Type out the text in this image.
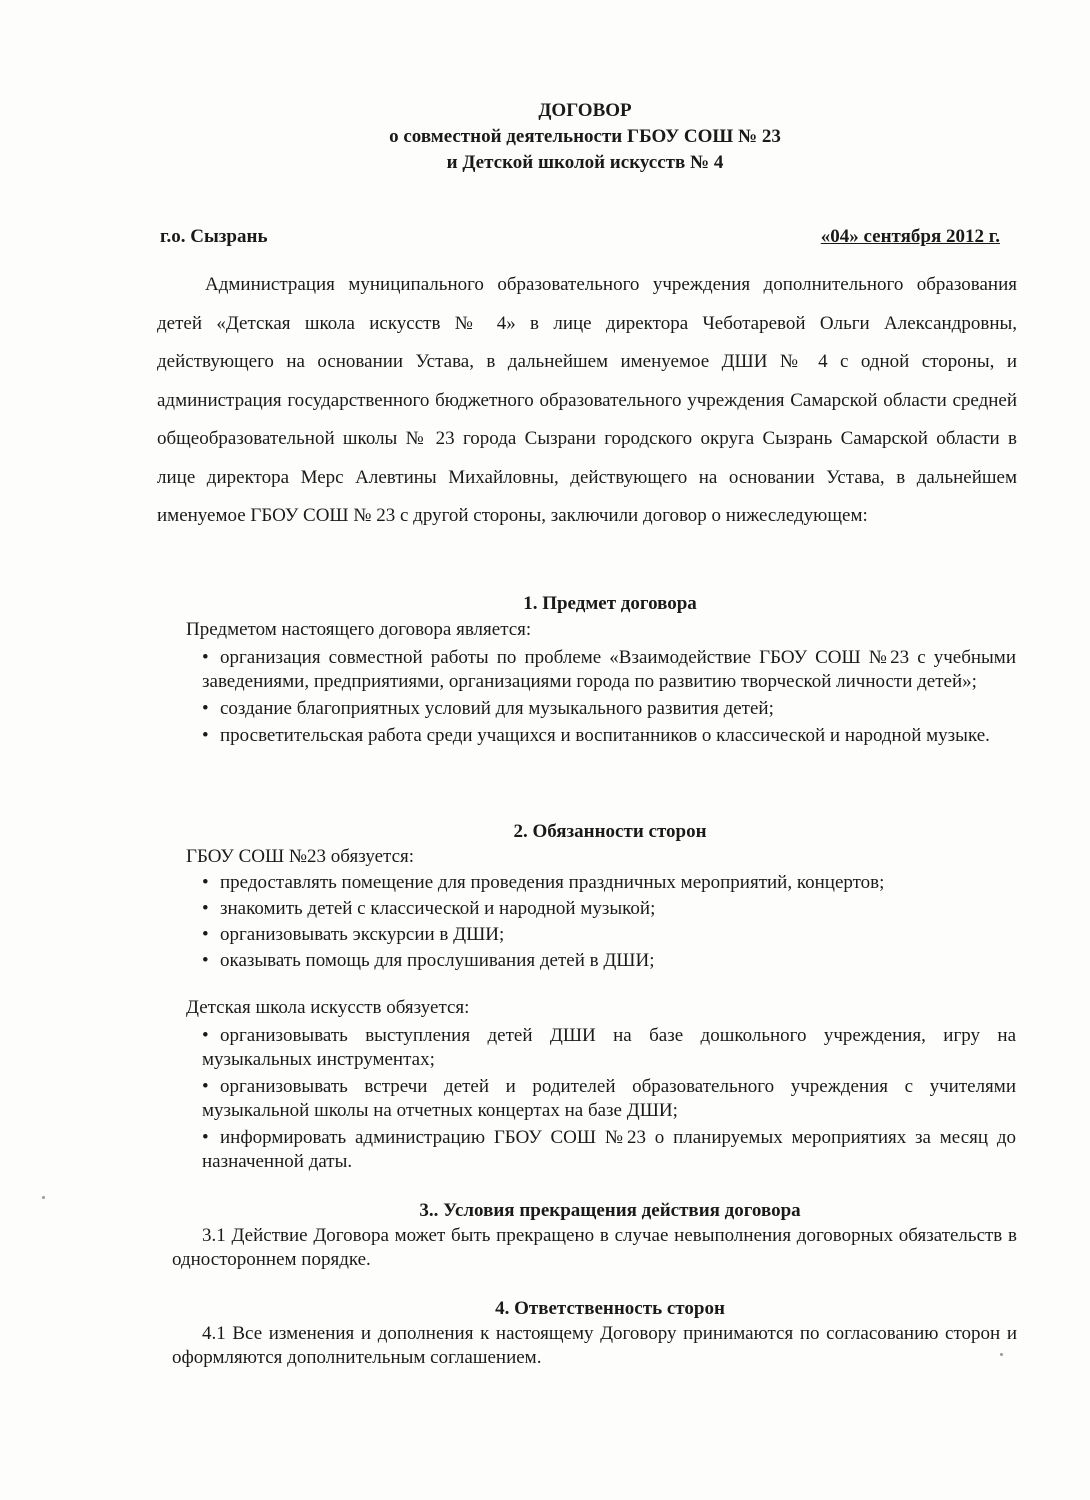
ДОГОВОР
о совместной деятельности ГБОУ СОШ № 23
и Детской школой искусств № 4
г.о. Сызрань	«04» сентября 2012 г.
Администрация муниципального образовательного учреждения дополнительного образования детей «Детская школа искусств № 4» в лице директора Чеботаревой Ольги Александровны, действующего на основании Устава, в дальнейшем именуемое ДШИ № 4 с одной стороны, и администрация государственного бюджетного образовательного учреждения Самарской области средней общеобразовательной школы № 23 города Сызрани городского округа Сызрань Самарской области в лице директора Мерс Алевтины Михайловны, действующего на основании Устава, в дальнейшем именуемое ГБОУ СОШ № 23 с другой стороны, заключили договор о нижеследующем:
1. Предмет договора
Предметом настоящего договора является:
• организация совместной работы по проблеме «Взаимодействие ГБОУ СОШ №23 с учебными заведениями, предприятиями, организациями города по развитию творческой личности детей»;
• создание благоприятных условий для музыкального развития детей;
• просветительская работа среди учащихся и воспитанников о классической и народной музыке.
2. Обязанности сторон
ГБОУ СОШ №23 обязуется:
• предоставлять помещение для проведения праздничных мероприятий, концертов;
• знакомить детей с классической и народной музыкой;
• организовывать экскурсии в ДШИ;
• оказывать помощь для прослушивания детей в ДШИ;
Детская школа искусств обязуется:
• организовывать выступления детей ДШИ на базе дошкольного учреждения, игру на музыкальных инструментах;
• организовывать встречи детей и родителей образовательного учреждения с учителями музыкальной школы на отчетных концертах на базе ДШИ;
• информировать администрацию ГБОУ СОШ №23 о планируемых мероприятиях за месяц до назначенной даты.
3.. Условия прекращения действия договора
3.1 Действие Договора может быть прекращено в случае невыполнения договорных обязательств в одностороннем порядке.
4. Ответственность сторон
4.1 Все изменения и дополнения к настоящему Договору принимаются по согласованию сторон и оформляются дополнительным соглашением.
